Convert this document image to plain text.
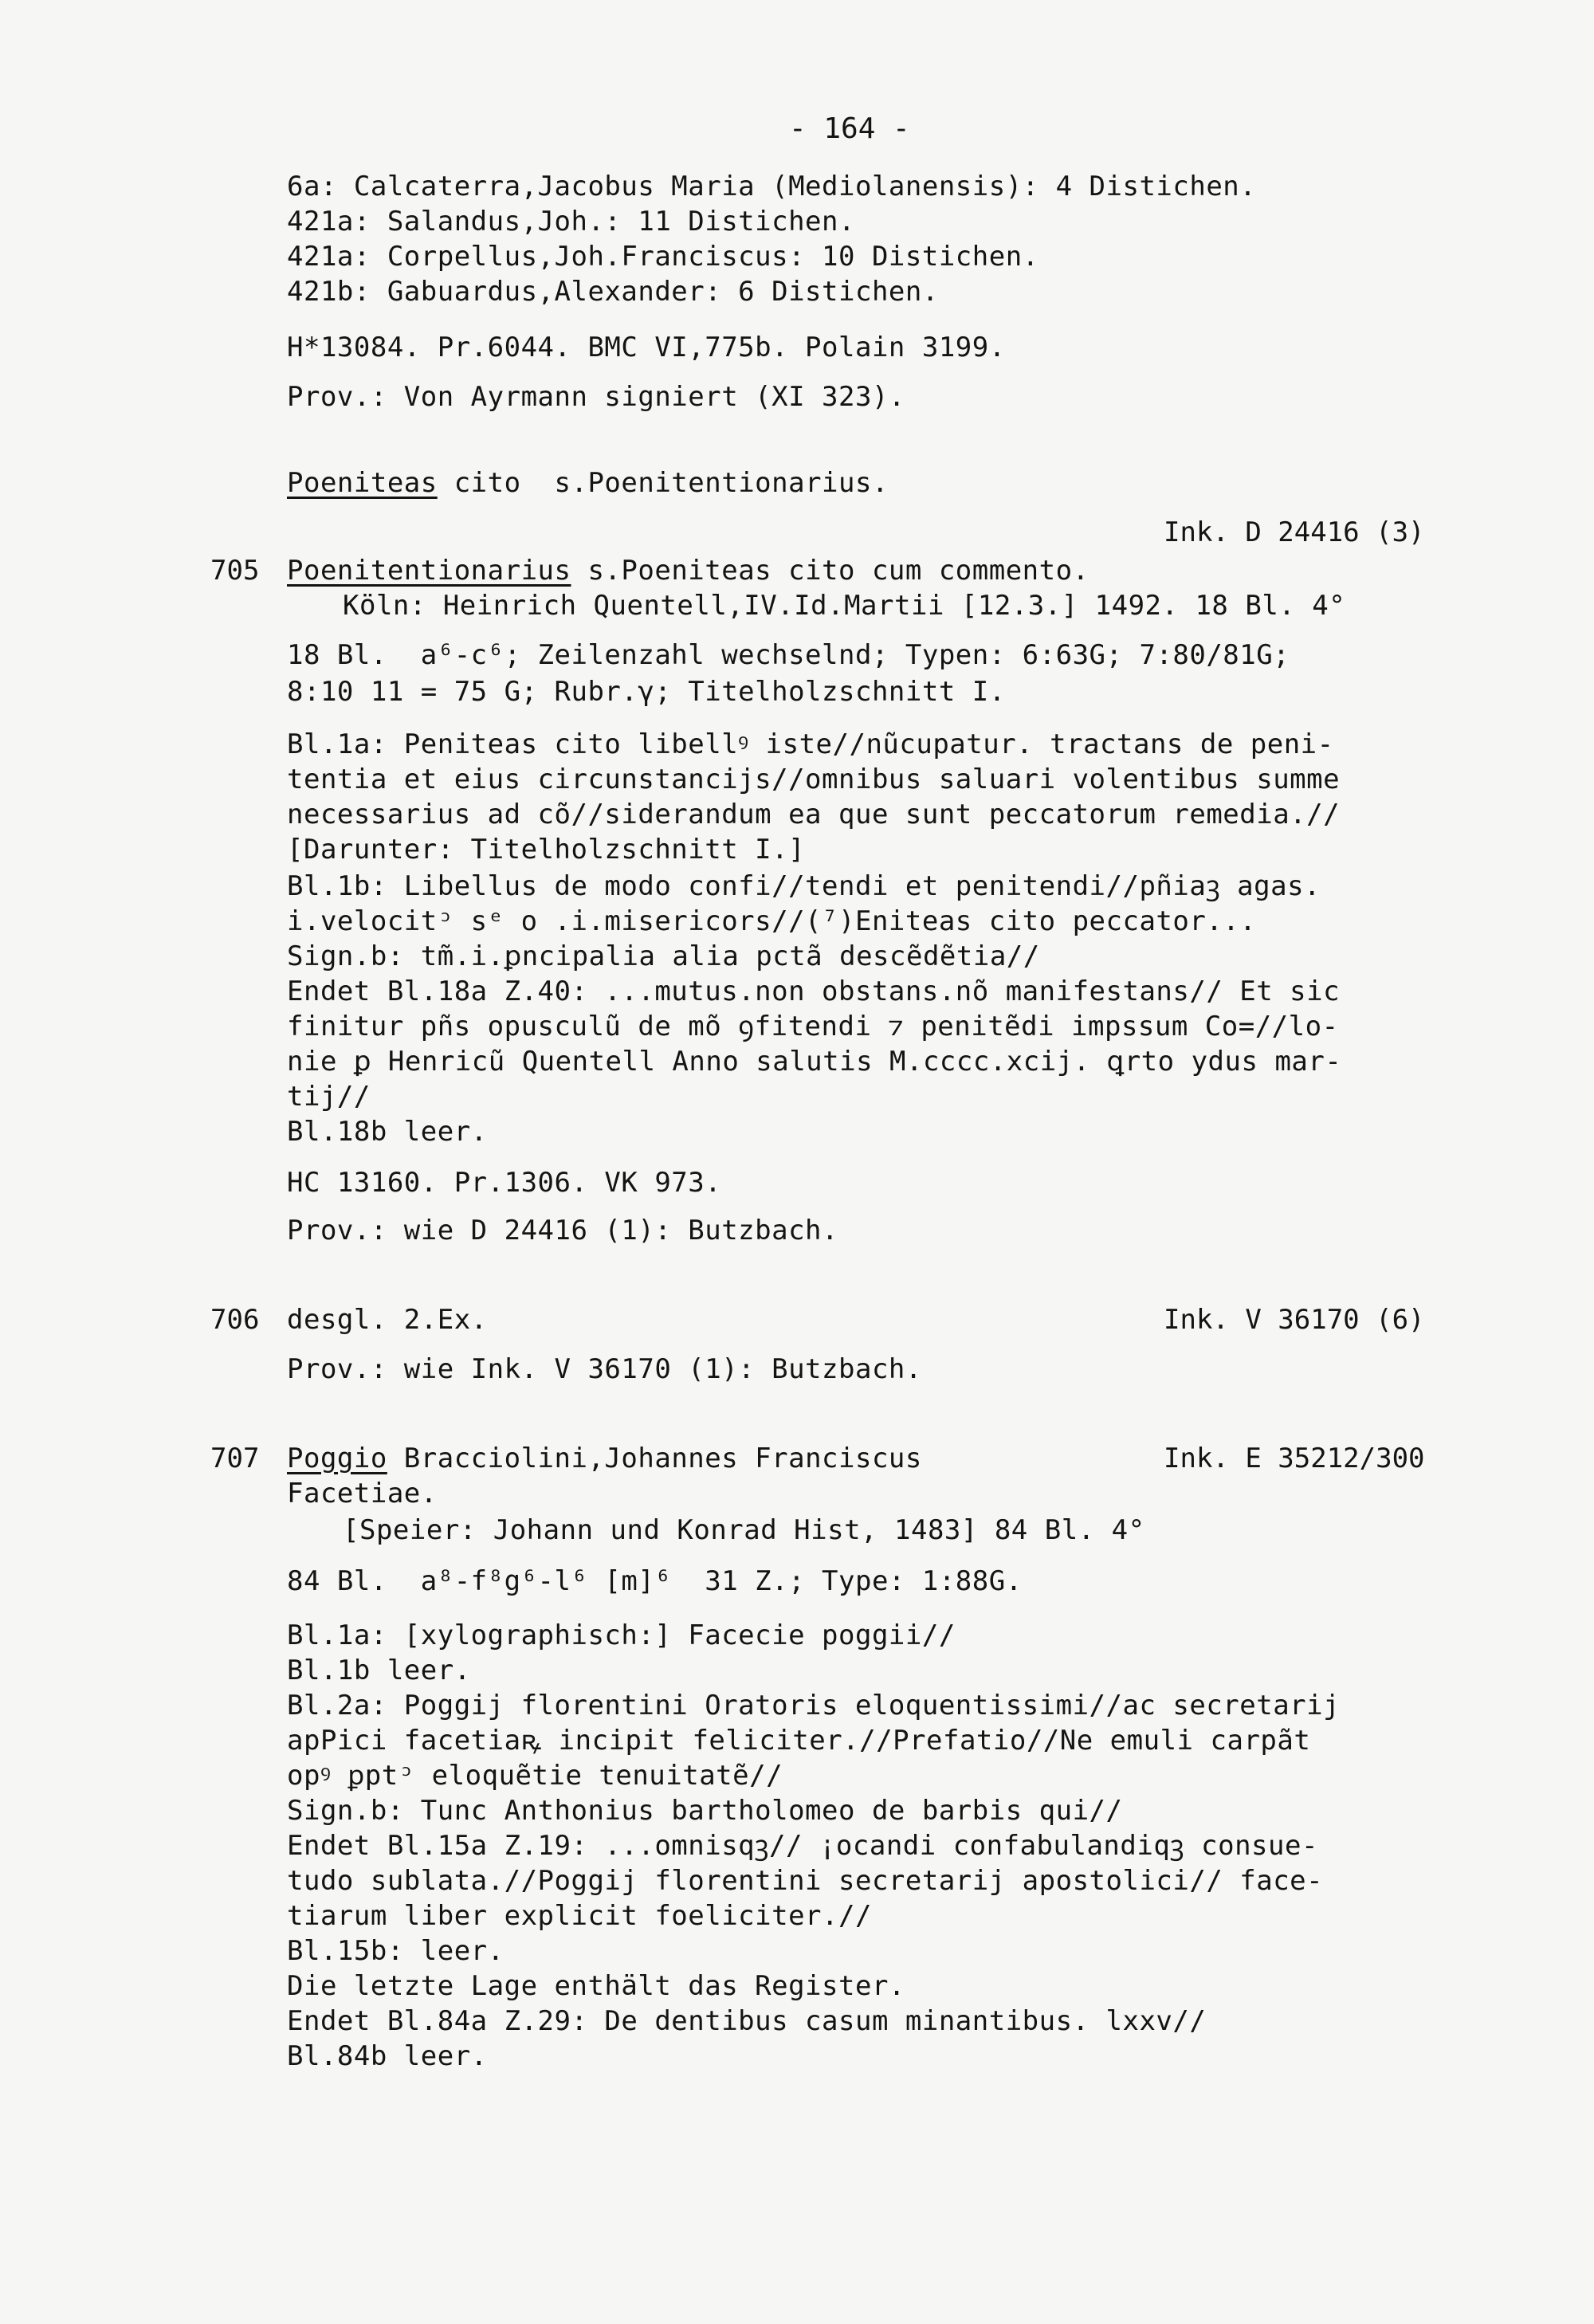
- 164 -
6a: Calcaterra,Jacobus Maria (Mediolanensis): 4 Distichen.
421a: Salandus,Joh.: 11 Distichen.
421a: Corpellus,Joh.Franciscus: 10 Distichen.
421b: Gabuardus,Alexander: 6 Distichen.
H*13084. Pr.6044. BMC VI,775b. Polain 3199.
Prov.: Von Ayrmann signiert (XI 323).
Poeniteas cito  s.Poenitentionarius.
Ink. D 24416 (3)
705 Poenitentionarius s.Poeniteas cito cum commento.
Köln: Heinrich Quentell,IV.Id.Martii [12.3.] 1492. 18 Bl. 4°
18 Bl.  a⁶-c⁶; Zeilenzahl wechselnd; Typen: 6:63G; 7:80/81G;
8:10 11 = 75 G; Rubr.γ; Titelholzschnitt I.
Bl.1a: Peniteas cito libellꝰ iste//nũcupatur. tractans de peni-
tentia et eius circunstancijs//omnibus saluari volentibus summe
necessarius ad cõ//siderandum ea que sunt peccatorum remedia.//
[Darunter: Titelholzschnitt I.]
Bl.1b: Libellus de modo confi//tendi et penitendi//pñiaꝫ agas.
i.velocitᵓ sᵉ o .i.misericors//(⁷)Eniteas cito peccator...
Sign.b: tm̃.i.ꝑncipalia alia pctã descẽdẽtia//
Endet Bl.18a Z.40: ...mutus.non obstans.nõ manifestans// Et sic
finitur pñs opusculũ de mõ ꝯfitendi ⁊ penitẽdi impssum Co=//lo-
nie ꝑ Henricũ Quentell Anno salutis M.cccc.xcij. ꝗrto ydus mar-
tij//
Bl.18b leer.
HC 13160. Pr.1306. VK 973.
Prov.: wie D 24416 (1): Butzbach.
706 desgl. 2.Ex.	Ink. V 36170 (6)
Prov.: wie Ink. V 36170 (1): Butzbach.
707 Poggio Bracciolini,Johannes Franciscus	Ink. E 35212/300
Facetiae.
[Speier: Johann und Konrad Hist, 1483] 84 Bl. 4°
84 Bl.  a⁸-f⁸g⁶-l⁶ [m]⁶  31 Z.; Type: 1:88G.
Bl.1a: [xylographisch:] Facecie poggii//
Bl.1b leer.
Bl.2a: Poggij florentini Oratoris eloquentissimi//ac secretarij
apPici facetiaꝶ incipit feliciter.//Prefatio//Ne emuli carpãt
opꝰ ꝑptᵓ eloquẽtie tenuitatẽ//
Sign.b: Tunc Anthonius bartholomeo de barbis qui//
Endet Bl.15a Z.19: ...omnisqꝫ// ¡ocandi confabulandiqꝫ consue-
tudo sublata.//Poggij florentini secretarij apostolici// face-
tiarum liber explicit foeliciter.//
Bl.15b: leer.
Die letzte Lage enthält das Register.
Endet Bl.84a Z.29: De dentibus casum minantibus. lxxv//
Bl.84b leer.
